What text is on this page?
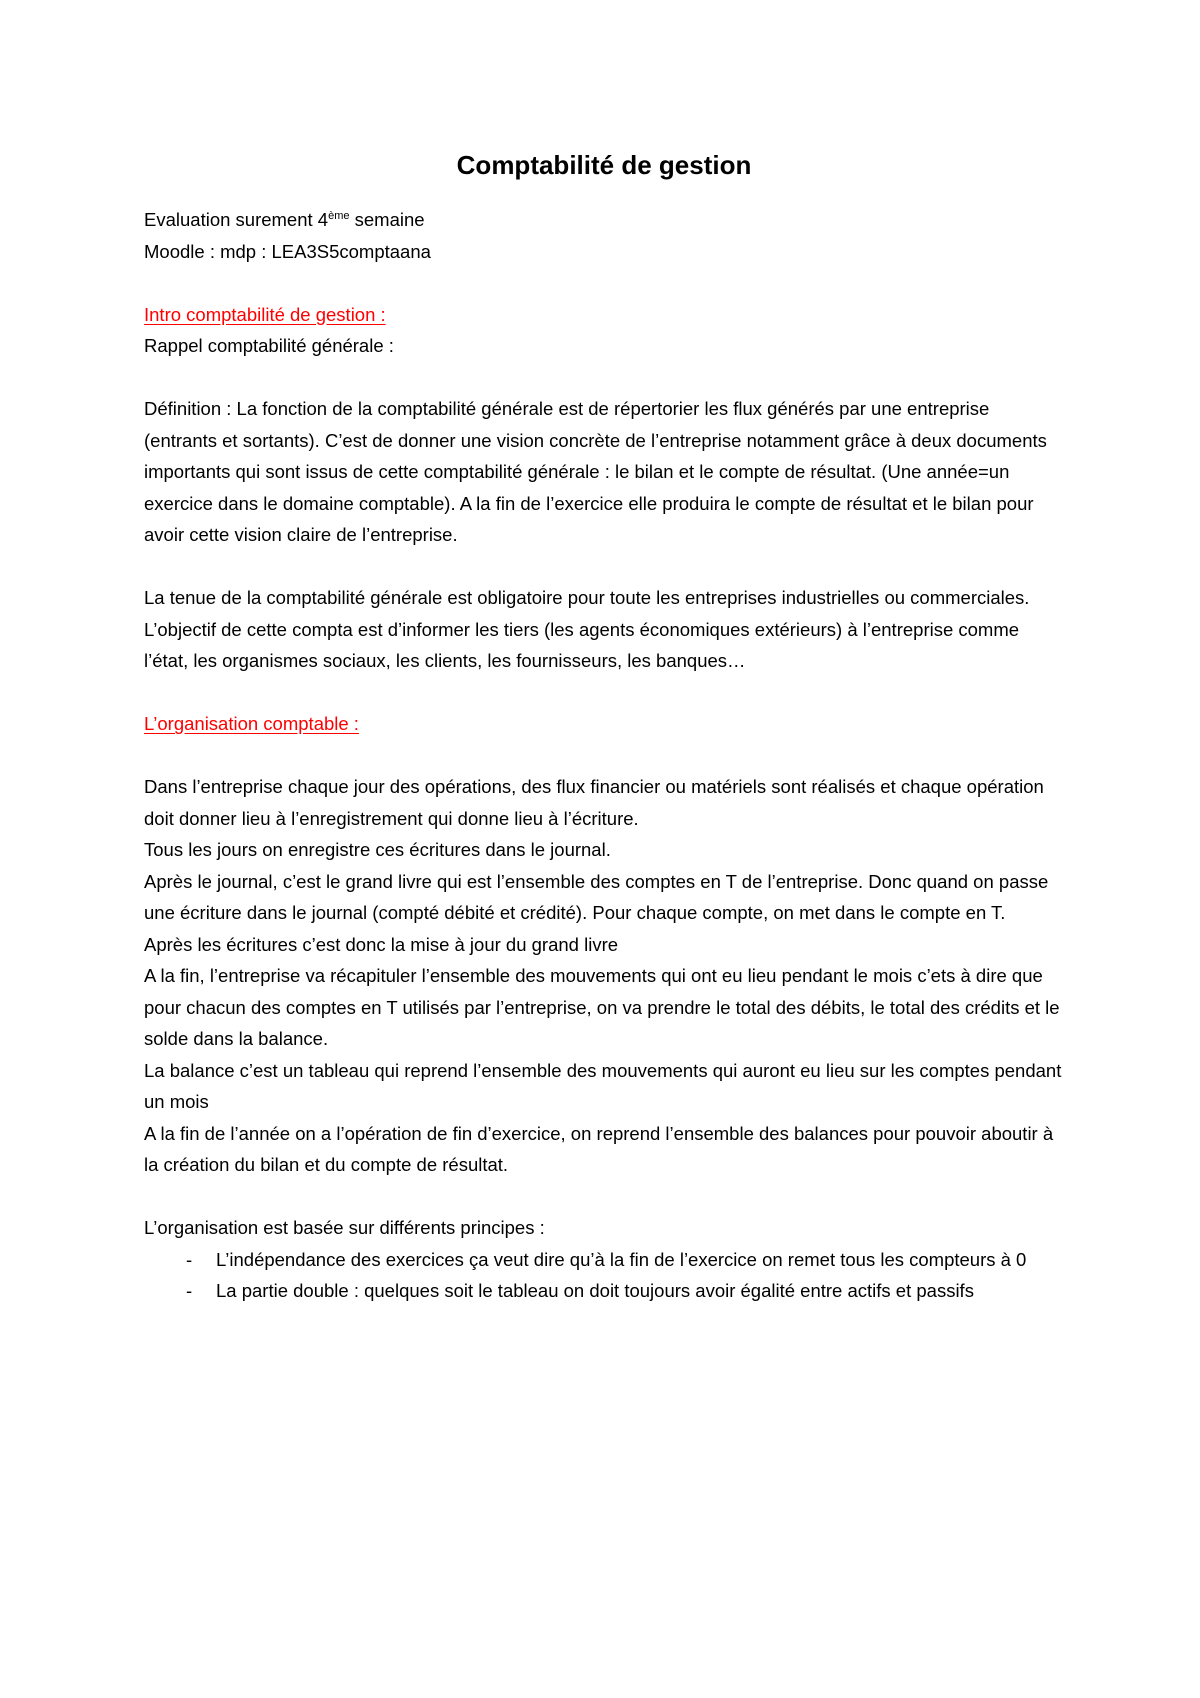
Comptabilité de gestion

Evaluation surement 4ème semaine

Moodle : mdp : LEA3S5comptaana

Intro comptabilité de gestion :

Rappel comptabilité générale :

Définition : La fonction de la comptabilité générale est de répertorier les flux générés par une entreprise (entrants et sortants). C’est de donner une vision concrète de l’entreprise notamment grâce à deux documents importants qui sont issus de cette comptabilité générale : le bilan et le compte de résultat. (Une année=un exercice dans le domaine comptable). A la fin de l’exercice elle produira le compte de résultat et le bilan pour avoir cette vision claire de l’entreprise.

La tenue de la comptabilité générale est obligatoire pour toute les entreprises industrielles ou commerciales.

L’objectif de cette compta est d’informer les tiers (les agents économiques extérieurs) à l’entreprise comme l’état, les organismes sociaux, les clients, les fournisseurs, les banques…

L’organisation comptable :

Dans l’entreprise chaque jour des opérations, des flux financier ou matériels sont réalisés et chaque opération doit donner lieu à l’enregistrement qui donne lieu à l’écriture.

Tous les jours on enregistre ces écritures dans le journal.

Après le journal, c’est le grand livre qui est l’ensemble des comptes en T de l’entreprise. Donc quand on passe une écriture dans le journal (compté débité et crédité). Pour chaque compte, on met dans le compte en T.

Après les écritures c’est donc la mise à jour du grand livre

A la fin, l’entreprise va récapituler l’ensemble des mouvements qui ont eu lieu pendant le mois c’ets à dire que pour chacun des comptes en T utilisés par l’entreprise, on va prendre le total des débits, le total des crédits et le solde dans la balance.

La balance c’est un tableau qui reprend l’ensemble des mouvements qui auront eu lieu sur les comptes pendant un mois

A la fin de l’année on a l’opération de fin d’exercice, on reprend l’ensemble des balances pour pouvoir aboutir à la création du bilan et du compte de résultat.

L’organisation est basée sur différents principes :

- L’indépendance des exercices ça veut dire qu’à la fin de l’exercice on remet tous les compteurs à 0
- La partie double : quelques soit le tableau on doit toujours avoir égalité entre actifs et passifs
